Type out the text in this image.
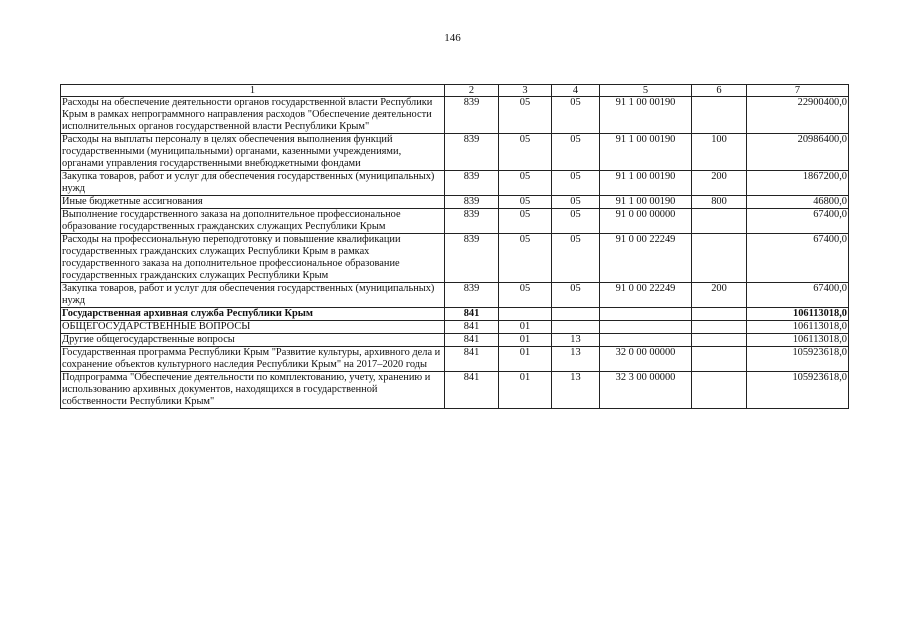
146
1	2	3	4	5	6	7
Расходы на обеспечение деятельности органов государственной власти Республики Крым в рамках непрограммного направления расходов "Обеспечение деятельности исполнительных органов государственной власти Республики Крым"	839	05	05	91 1 00 00190		22900400,0
Расходы на выплаты персоналу в целях обеспечения выполнения функций государственными (муниципальными) органами, казенными учреждениями, органами управления государственными внебюджетными фондами	839	05	05	91 1 00 00190	100	20986400,0
Закупка товаров, работ и услуг для обеспечения государственных (муниципальных) нужд	839	05	05	91 1 00 00190	200	1867200,0
Иные бюджетные ассигнования	839	05	05	91 1 00 00190	800	46800,0
Выполнение государственного заказа на дополнительное профессиональное образование государственных гражданских служащих Республики Крым	839	05	05	91 0 00 00000		67400,0
Расходы на профессиональную переподготовку и повышение квалификации государственных гражданских служащих Республики Крым в рамках государственного заказа на дополнительное профессиональное образование государственных гражданских служащих Республики Крым	839	05	05	91 0 00 22249		67400,0
Закупка товаров, работ и услуг для обеспечения государственных (муниципальных) нужд	839	05	05	91 0 00 22249	200	67400,0
Государственная архивная служба Республики Крым	841					106113018,0
ОБЩЕГОСУДАРСТВЕННЫЕ ВОПРОСЫ	841	01				106113018,0
Другие общегосударственные вопросы	841	01	13			106113018,0
Государственная программа Республики Крым "Развитие культуры, архивного дела и сохранение объектов культурного наследия Республики Крым" на 2017–2020 годы	841	01	13	32 0 00 00000		105923618,0
Подпрограмма "Обеспечение деятельности по комплектованию, учету, хранению и использованию архивных документов, находящихся в государственной собственности Республики Крым"	841	01	13	32 3 00 00000		105923618,0
